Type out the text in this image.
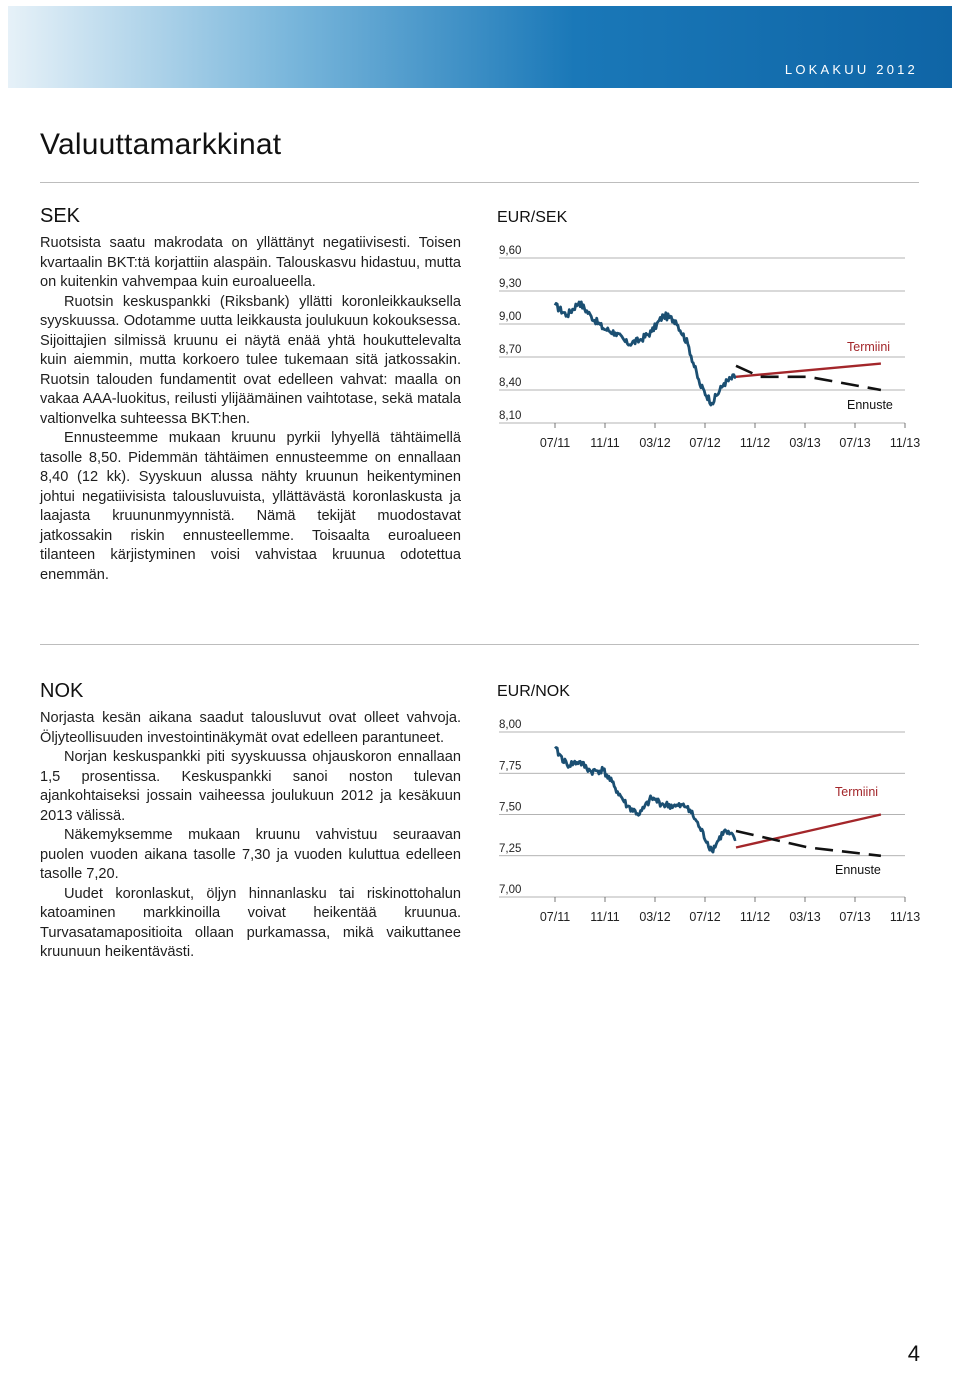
LOKAKUU 2012
Valuuttamarkkinat
SEK

Ruotsista saatu makrodata on yllättänyt negatiivisesti. Toisen kvartaalin BKT:tä korjattiin alaspäin. Talouskasvu hidastuu, mutta on kuitenkin vahvempaa kuin euroalueella.

Ruotsin keskuspankki (Riksbank) yllätti koronleikkauksella syyskuussa. Odotamme uutta leikkausta joulukuun kokouksessa. Sijoittajien silmissä kruunu ei näytä enää yhtä houkuttelevalta kuin aiemmin, mutta korkoero tulee tukemaan sitä jatkossakin. Ruotsin talouden fundamentit ovat edelleen vahvat: maalla on vakaa AAA-luokitus, reilusti ylijäämäinen vaihtotase, sekä matala valtionvelka suhteessa BKT:hen.

Ennusteemme mukaan kruunu pyrkii lyhyellä tähtäimellä tasolle 8,50. Pidemmän tähtäimen ennusteemme on ennallaan 8,40 (12 kk). Syyskuun alussa nähty kruunun heikentyminen johtui negatiivisista talousluvuista, yllättävästä koronlaskusta ja laajasta kruununmyynnistä. Nämä tekijät muodostavat jatkossakin riskin ennusteellemme. Toisaalta euroalueen tilanteen kärjistyminen voisi vahvistaa kruunua odotettua enemmän.

EUR/SEK
9,60
9,30
9,00
8,70
8,40
8,10
07/11 11/11 03/12 07/12 11/12 03/13 07/13 11/13
Termiini
Ennuste
NOK

Norjasta kesän aikana saadut talousluvut ovat olleet vahvoja. Öljyteollisuuden investointinäkymät ovat edelleen parantuneet.

Norjan keskuspankki piti syyskuussa ohjauskoron ennallaan 1,5 prosentissa. Keskuspankki sanoi noston tulevan ajankohtaiseksi jossain vaiheessa joulukuun 2012 ja kesäkuun 2013 välissä.

Näkemyksemme mukaan kruunu vahvistuu seuraavan puolen vuoden aikana tasolle 7,30 ja vuoden kuluttua edelleen tasolle 7,20.

Uudet koronlaskut, öljyn hinnanlasku tai riskinottohalun katoaminen markkinoilla voivat heikentää kruunua. Turvasatamapositioita ollaan purkamassa, mikä vaikuttanee kruunuun heikentävästi.

EUR/NOK
8,00
7,75
7,50
7,25
7,00
07/11 11/11 03/12 07/12 11/12 03/13 07/13 11/13
Termiini
Ennuste
4
